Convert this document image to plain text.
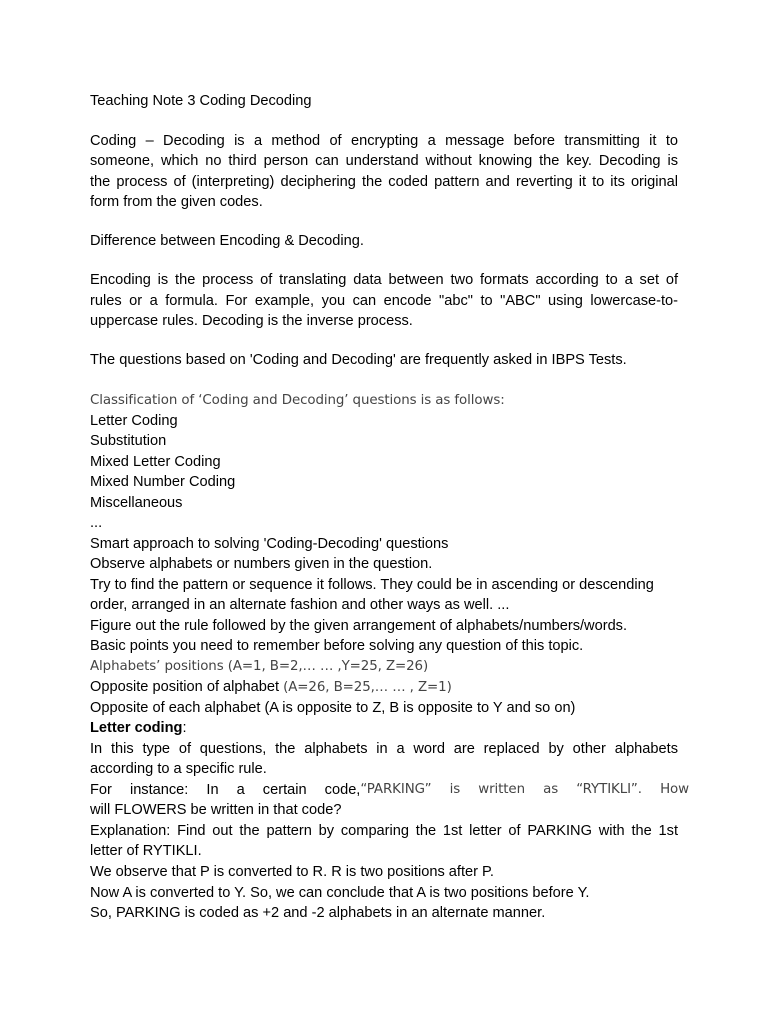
Teaching Note 3 Coding Decoding
Coding – Decoding is a method of encrypting a message before transmitting it to
someone, which no third person can understand without knowing the key. Decoding is
the process of (interpreting) deciphering the coded pattern and reverting it to its original
form from the given codes.
Difference between Encoding & Decoding.
Encoding is the process of translating data between two formats according to a set of
rules or a formula. For example, you can encode "abc" to "ABC" using lowercase-to-
uppercase rules. Decoding is the inverse process.
The questions based on 'Coding and Decoding' are frequently asked in IBPS Tests.
Classification of ‘Coding and Decoding’ questions is as follows:
Letter Coding
Substitution
Mixed Letter Coding
Mixed Number Coding
Miscellaneous
...
Smart approach to solving 'Coding-Decoding' questions
Observe alphabets or numbers given in the question.
Try to find the pattern or sequence it follows. They could be in ascending or descending
order, arranged in an alternate fashion and other ways as well. ...
Figure out the rule followed by the given arrangement of alphabets/numbers/words.
Basic points you need to remember before solving any question of this topic.
Alphabets’ positions (A=1, B=2,… … ,Y=25, Z=26)
Opposite position of alphabet (A=26, B=25,… … , Z=1)
Opposite of each alphabet (A is opposite to Z, B is opposite to Y and so on)
Letter coding:
In this type of questions, the alphabets in a word are replaced by other alphabets
according to a specific rule.
For instance: In a certain code, “PARKING” is written as “RYTIKLI”. How
will FLOWERS be written in that code?
Explanation: Find out the pattern by comparing the 1st letter of PARKING with the 1st
letter of RYTIKLI.
We observe that P is converted to R. R is two positions after P.
Now A is converted to Y. So, we can conclude that A is two positions before Y.
So, PARKING is coded as +2 and -2 alphabets in an alternate manner.
